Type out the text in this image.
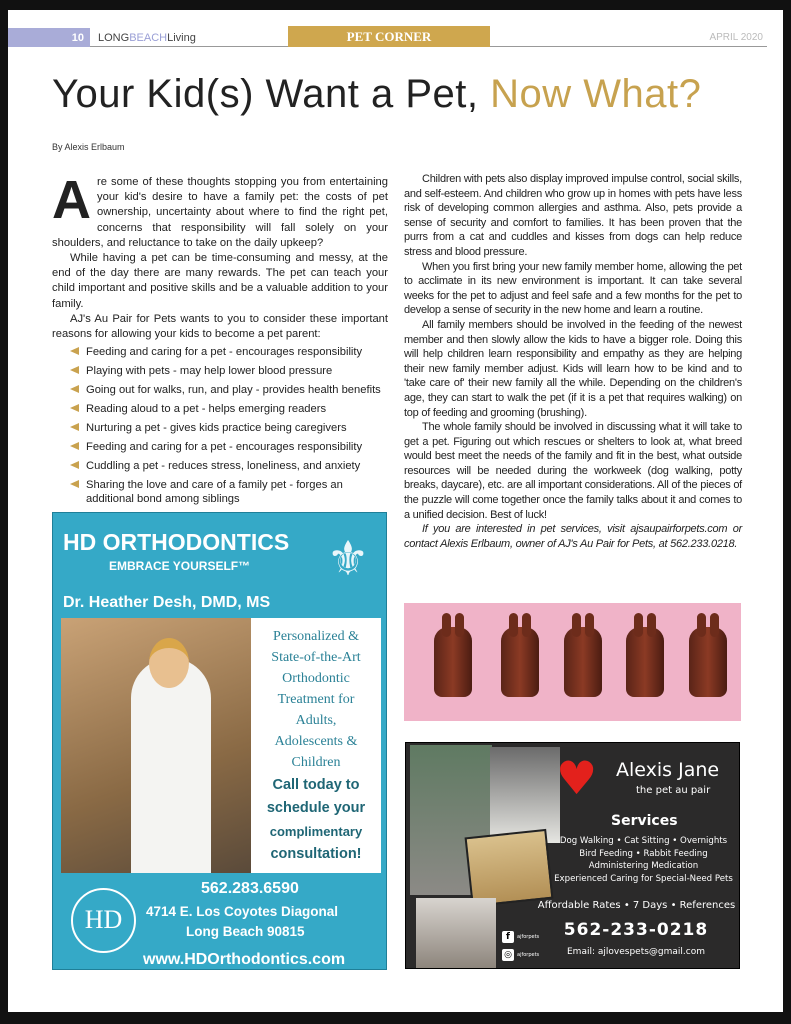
10	LONGBEACHLiving	PET CORNER	APRIL 2020
Your Kid(s) Want a Pet, Now What?
By Alexis Erlbaum

Are some of these thoughts stopping you from entertaining your kid's desire to have a family pet: the costs of pet ownership, uncertainty about where to find the right pet, concerns that responsibility will fall solely on your shoulders, and reluctance to take on the daily upkeep?

While having a pet can be time-consuming and messy, at the end of the day there are many rewards. The pet can teach your child important and positive skills and be a valuable addition to your family.

AJ's Au Pair for Pets wants to you to consider these important reasons for allowing your kids to become a pet parent:

Feeding and caring for a pet - encourages responsibility
Playing with pets - may help lower blood pressure
Going out for walks, run, and play - provides health benefits
Reading aloud to a pet - helps emerging readers
Nurturing a pet - gives kids practice being caregivers
Feeding and caring for a pet - encourages responsibility
Cuddling a pet - reduces stress, loneliness, and anxiety
Sharing the love and care of a family pet - forges an additional bond among siblings

Children with pets also display improved impulse control, social skills, and self-esteem. And children who grow up in homes with pets have less risk of developing common allergies and asthma. Also, pets provide a sense of security and comfort to families. It has been proven that the purrs from a cat and cuddles and kisses from dogs can help reduce stress and blood pressure.

When you first bring your new family member home, allowing the pet to acclimate in its new environment is important. It can take several weeks for the pet to adjust and feel safe and a few months for the pet to develop a sense of security in the new home and learn a routine.

All family members should be involved in the feeding of the newest member and then slowly allow the kids to have a bigger role. Doing this will help children learn responsibility and empathy as they are helping their new family member adjust. Kids will learn how to be kind and to 'take care of' their new family all the while. Depending on the children's age, they can start to walk the pet (if it is a pet that requires walking) on top of feeding and grooming (brushing).

The whole family should be involved in discussing what it will take to get a pet. Figuring out which rescues or shelters to look at, what breed would best meet the needs of the family and fit in the best, what outside resources will be needed during the workweek (dog walking, potty breaks, daycare), etc. are all important considerations. All of the pieces of the puzzle will come together once the family talks about it and comes to a unified decision. Best of luck!

If you are interested in pet services, visit ajsaupairforpets.com or contact Alexis Erlbaum, owner of AJ's Au Pair for Pets, at 562.233.0218.

HD ORTHODONTICS
EMBRACE YOURSELF™ ⚜
Dr. Heather Desh, DMD, MS
Personalized &
State-of-the-Art
Orthodontic
Treatment for
Adults,
Adolescents &
Children
Call today to
schedule your
complimentary
consultation!
HD
562.283.6590
4714 E. Los Coyotes Diagonal
Long Beach 90815
www.HDOrthodontics.com
♥ Alexis Jane
the pet au pair
Services
Dog Walking • Cat Sitting • Overnights
Bird Feeding • Rabbit Feeding
Administering Medication
Experienced Caring for Special-Need Pets
Affordable Rates • 7 Days • References
562-233-0218
Email: ajlovespets@gmail.com
f	ajforpets
◎	ajforpets
